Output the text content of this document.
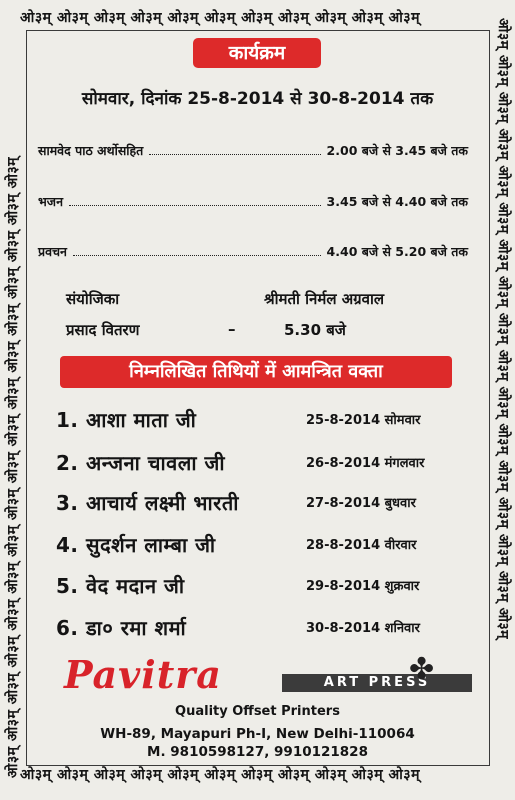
ओ३म् ओ३म् ओ३म् ओ३म् ओ३म् ओ३म् ओ३म् ओ३म् ओ३म् ओ३म् ओ३म्
ओ३म् ओ३म् ओ३म् ओ३म् ओ३म् ओ३म् ओ३म् ओ३म् ओ३म् ओ३म् ओ३म् ओ३म् ओ३म् ओ३म् ओ३म् ओ३म् ओ३म्	ओ३म् ओ३म् ओ३म् ओ३म् ओ३म् ओ३म् ओ३म् ओ३म् ओ३म् ओ३म् ओ३म् ओ३म् ओ३म् ओ३म् ओ३म् ओ३म् ओ३म्
ओ३म् ओ३म् ओ३म् ओ३म् ओ३म् ओ३म् ओ३म् ओ३म् ओ३म् ओ३म् ओ३म्
कार्यक्रम
सोमवार, दिनांक 25-8-2014 से 30-8-2014 तक
सामवेद पाठ अर्थोसहित	2.00 बजे से 3.45 बजे तक
भजन	3.45 बजे से 4.40 बजे तक
प्रवचन	4.40 बजे से 5.20 बजे तक
संयोजिका	श्रीमती निर्मल अग्रवाल
प्रसाद वितरण	–	5.30 बजे
निम्नलिखित तिथियों में आमन्त्रित वक्ता
1. आशा माता जी	25-8-2014 सोमवार
2. अन्जना चावला जी	26-8-2014 मंगलवार
3. आचार्य लक्ष्मी भारती	27-8-2014 बुधवार
4. सुदर्शन लाम्बा जी	28-8-2014 वीरवार
5. वेद मदान जी	29-8-2014 शुक्रवार
6. डा० रमा शर्मा	30-8-2014 शनिवार
Pavitra	ART PRESS
✤
Quality Offset Printers
WH-89, Mayapuri Ph-I, New Delhi-110064
M. 9810598127, 9910121828
